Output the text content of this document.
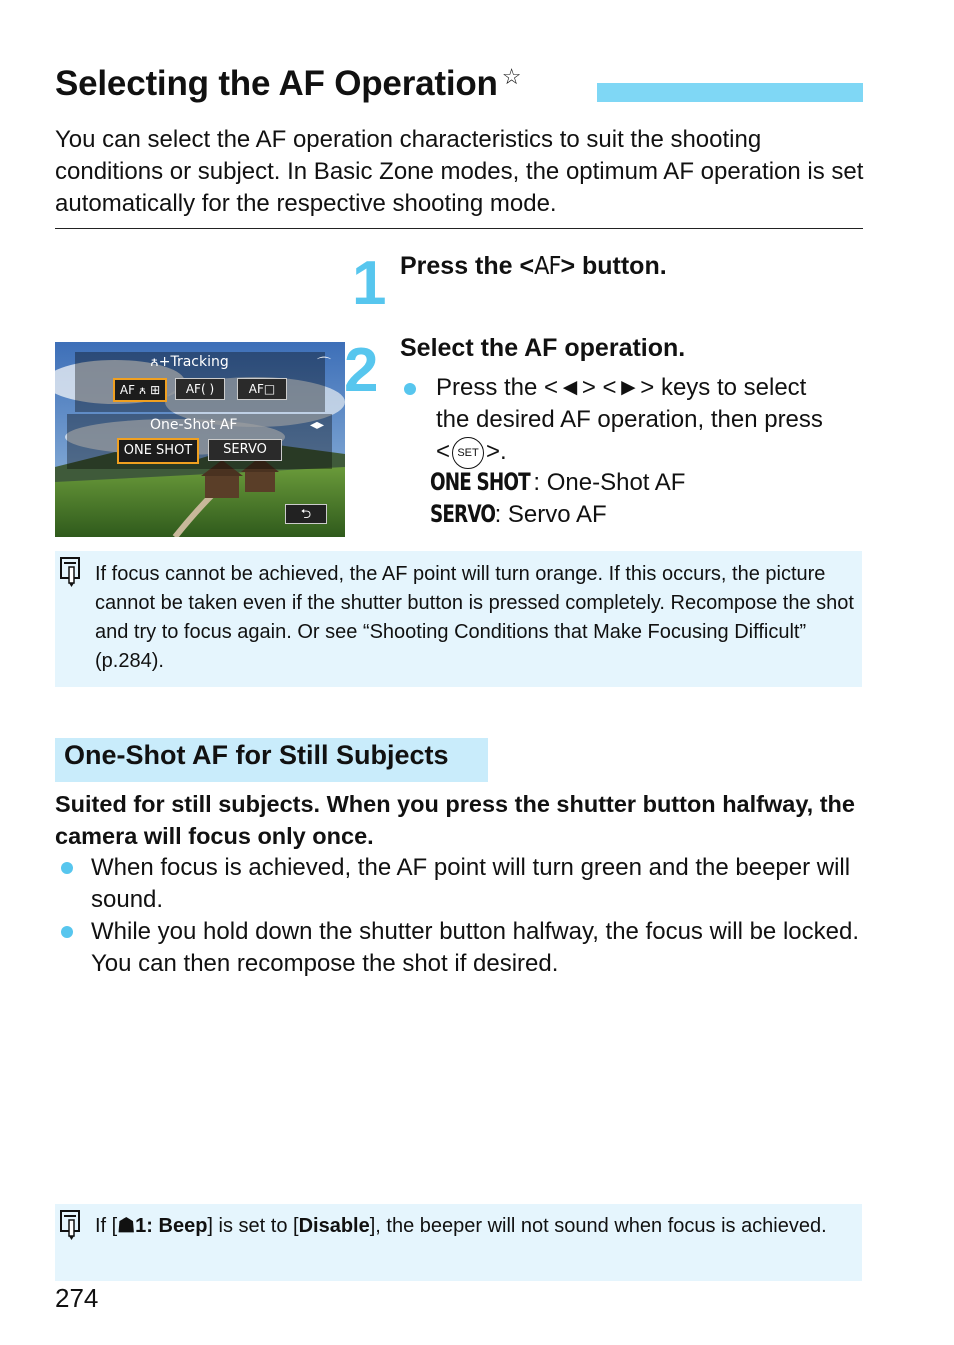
Selecting the AF Operation ☆
You can select the AF operation characteristics to suit the shooting conditions or subject. In Basic Zone modes, the optimum AF operation is set automatically for the respective shooting mode.
1 Press the <AF> button.
ꙉ+Tracking	⌒
AF ꙉ ⊞	AF( )	AF□
One-Shot AF	◂▸
ONE SHOT	SERVO
⮌
2 Select the AF operation.
Press the <◄> <►> keys to select
the desired AF operation, then press
< SET >.
ONE SHOT : One-Shot AF
SERVO: Servo AF
If focus cannot be achieved, the AF point will turn orange. If this occurs, the picture cannot be taken even if the shutter button is pressed completely. Recompose the shot and try to focus again. Or see “Shooting Conditions that Make Focusing Difficult” (p.284).
One-Shot AF for Still Subjects
Suited for still subjects. When you press the shutter button halfway, the camera will focus only once.
When focus is achieved, the AF point will turn green and the beeper will sound.
While you hold down the shutter button halfway, the focus will be locked. You can then recompose the shot if desired.
If [☗1: Beep] is set to [Disable], the beeper will not sound when focus is achieved.
274
